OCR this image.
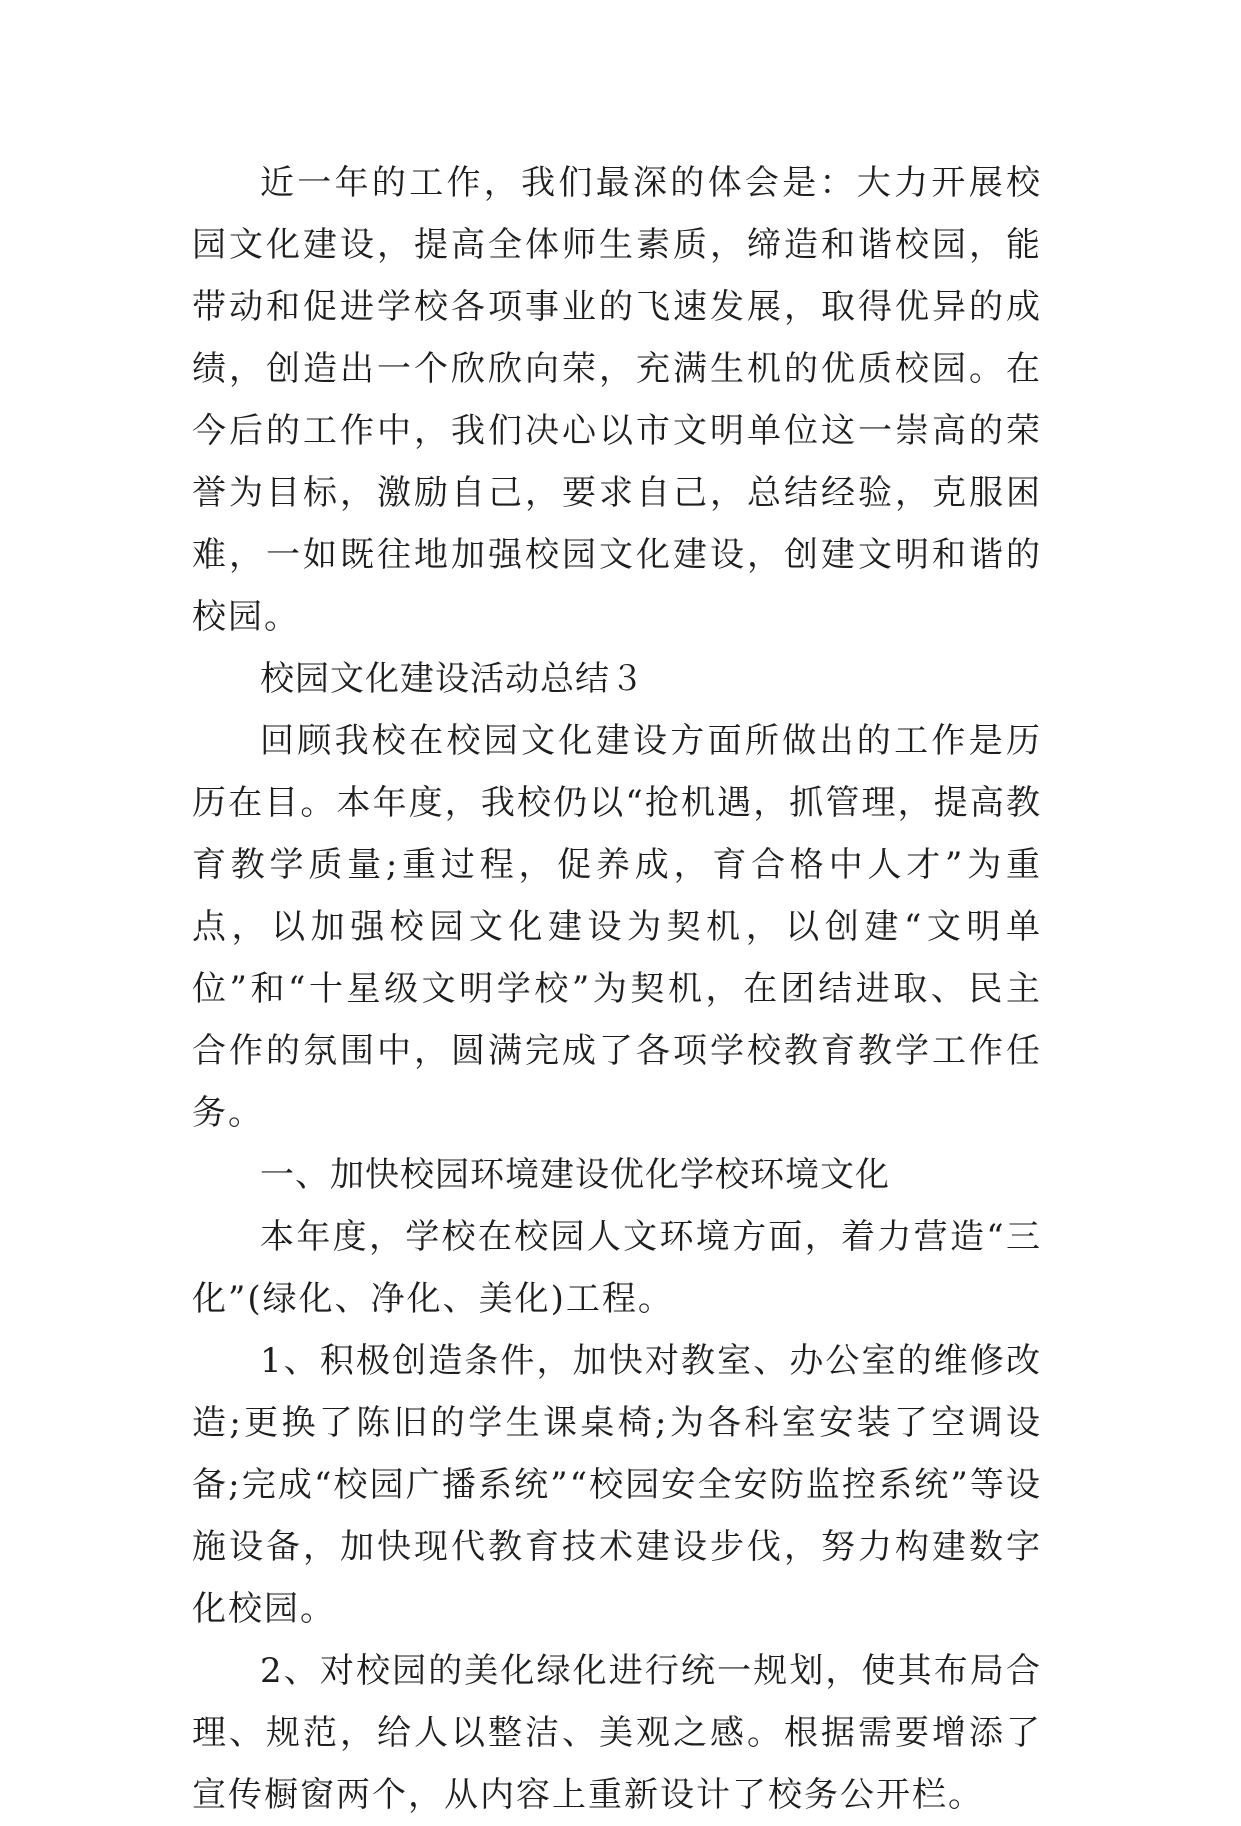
近一年的工作，我们最深的体会是：大力开展校园文化建设，提高全体师生素质，缔造和谐校园，能带动和促进学校各项事业的飞速发展，取得优异的成绩，创造出一个欣欣向荣，充满生机的优质校园。在今后的工作中，我们决心以市文明单位这一崇高的荣誉为目标，激励自己，要求自己，总结经验，克服困难，一如既往地加强校园文化建设，创建文明和谐的校园。

校园文化建设活动总结３

回顾我校在校园文化建设方面所做出的工作是历历在目。本年度，我校仍以“抢机遇，抓管理，提高教育教学质量;重过程，促养成，育合格中人才”为重点，以加强校园文化建设为契机，以创建“文明单位”和“十星级文明学校”为契机，在团结进取、民主合作的氛围中，圆满完成了各项学校教育教学工作任务。

一、加快校园环境建设优化学校环境文化

本年度，学校在校园人文环境方面，着力营造“三化”(绿化、净化、美化)工程。

1、积极创造条件，加快对教室、办公室的维修改造;更换了陈旧的学生课桌椅;为各科室安装了空调设备;完成“校园广播系统”“校园安全安防监控系统”等设施设备，加快现代教育技术建设步伐，努力构建数字化校园。

2、对校园的美化绿化进行统一规划，使其布局合理、规范，给人以整洁、美观之感。根据需要增添了宣传橱窗两个，从内容上重新设计了校务公开栏。
